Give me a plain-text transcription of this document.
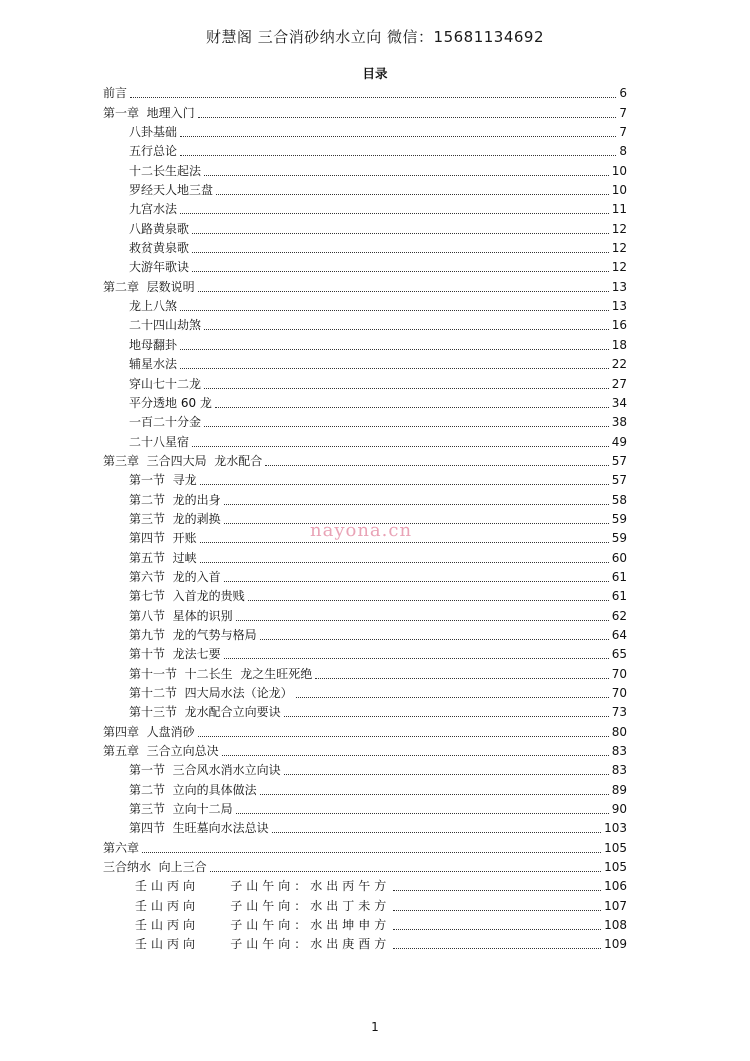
财慧阁 三合消砂纳水立向 微信：15681134692
目录
前言	6
第一章  地理入门	7
八卦基础	7
五行总论	8
十二长生起法	10
罗经天人地三盘	10
九宫水法	11
八路黄泉歌	12
救贫黄泉歌	12
大游年歌诀	12
第二章  层数说明	13
龙上八煞	13
二十四山劫煞	16
地母翻卦	18
辅星水法	22
穿山七十二龙	27
平分透地 60 龙	34
一百二十分金	38
二十八星宿	49
第三章  三合四大局  龙水配合	57
第一节  寻龙	57
第二节  龙的出身	58
第三节  龙的剥换	59
第四节  开账	59
第五节  过峡	60
第六节  龙的入首	61
第七节  入首龙的贵贱	61
第八节  星体的识别	62
第九节  龙的气势与格局	64
第十节  龙法七要	65
第十一节  十二长生  龙之生旺死绝	70
第十二节  四大局水法（论龙）	70
第十三节  龙水配合立向要诀	73
第四章  人盘消砂	80
第五章  三合立向总决	83
第一节  三合风水消水立向诀	83
第二节  立向的具体做法	89
第三节  立向十二局	90
第四节  生旺墓向水法总诀	103
第六章	105
三合纳水  向上三合	105
壬山丙向    子山午向：水出丙午方	106
壬山丙向    子山午向：水出丁未方	107
壬山丙向    子山午向：水出坤申方	108
壬山丙向    子山午向：水出庚酉方	109
nayona.cn
1
